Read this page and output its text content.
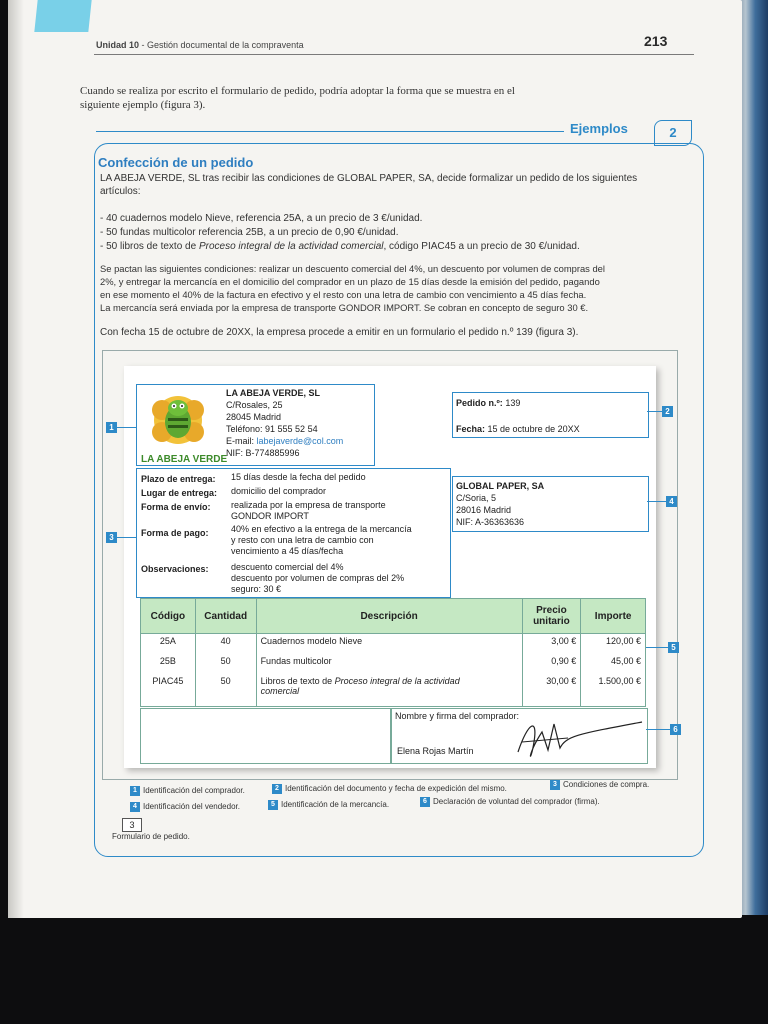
Unidad 10 - Gestión documental de la compraventa	213
Cuando se realiza por escrito el formulario de pedido, podría adoptar la forma que se muestra en el siguiente ejemplo (figura 3).
Ejemplos	2
Confección de un pedido
LA ABEJA VERDE, SL tras recibir las condiciones de GLOBAL PAPER, SA, decide formalizar un pedido de los siguientes artículos:
- 40 cuadernos modelo Nieve, referencia 25A, a un precio de 3 €/unidad.
- 50 fundas multicolor referencia 25B, a un precio de 0,90 €/unidad.
- 50 libros de texto de Proceso integral de la actividad comercial, código PIAC45 a un precio de 30 €/unidad.
Se pactan las siguientes condiciones: realizar un descuento comercial del 4%, un descuento por volumen de compras del
2%, y entregar la mercancía en el domicilio del comprador en un plazo de 15 días desde la emisión del pedido, pagando
en ese momento el 40% de la factura en efectivo y el resto con una letra de cambio con vencimiento a 45 días fecha.
La mercancía será enviada por la empresa de transporte GONDOR IMPORT. Se cobran en concepto de seguro 30 €.
Con fecha 15 de octubre de 20XX, la empresa procede a emitir en un formulario el pedido n.º 139 (figura 3).
LA ABEJA VERDE
LA ABEJA VERDE, SL
C/Rosales, 25
28045 Madrid
Teléfono: 91 555 52 54
E-mail: labejaverde@col.com
NIF: B-774885996
Pedido n.º: 139
Fecha: 15 de octubre de 20XX
GLOBAL PAPER, SA
C/Soria, 5
28016 Madrid
NIF: A-36363636
Plazo de entrega: 15 días desde la fecha del pedido
Lugar de entrega: domicilio del comprador
Forma de envío: realizada por la empresa de transporte
GONDOR IMPORT
Forma de pago: 40% en efectivo a la entrega de la mercancía
y resto con una letra de cambio con
vencimiento a 45 días/fecha
Observaciones: descuento comercial del 4%
descuento por volumen de compras del 2%
seguro: 30 €
Código	Cantidad	Descripción	Precio unitario	Importe
25A	40	Cuadernos modelo Nieve	3,00 €	120,00 €
25B	50	Fundas multicolor	0,90 €	45,00 €
PIAC45	50	Libros de texto de Proceso integral de la actividad
comercial	30,00 €	1.500,00 €
Nombre y firma del comprador:
Elena Rojas Martín
1
2
3
4
5
6
1 Identificación del comprador.	2 Identificación del documento y fecha de expedición del mismo.	3 Condiciones de compra.
4 Identificación del vendedor.	5 Identificación de la mercancía.	6 Declaración de voluntad del comprador (firma).
3
Formulario de pedido.
